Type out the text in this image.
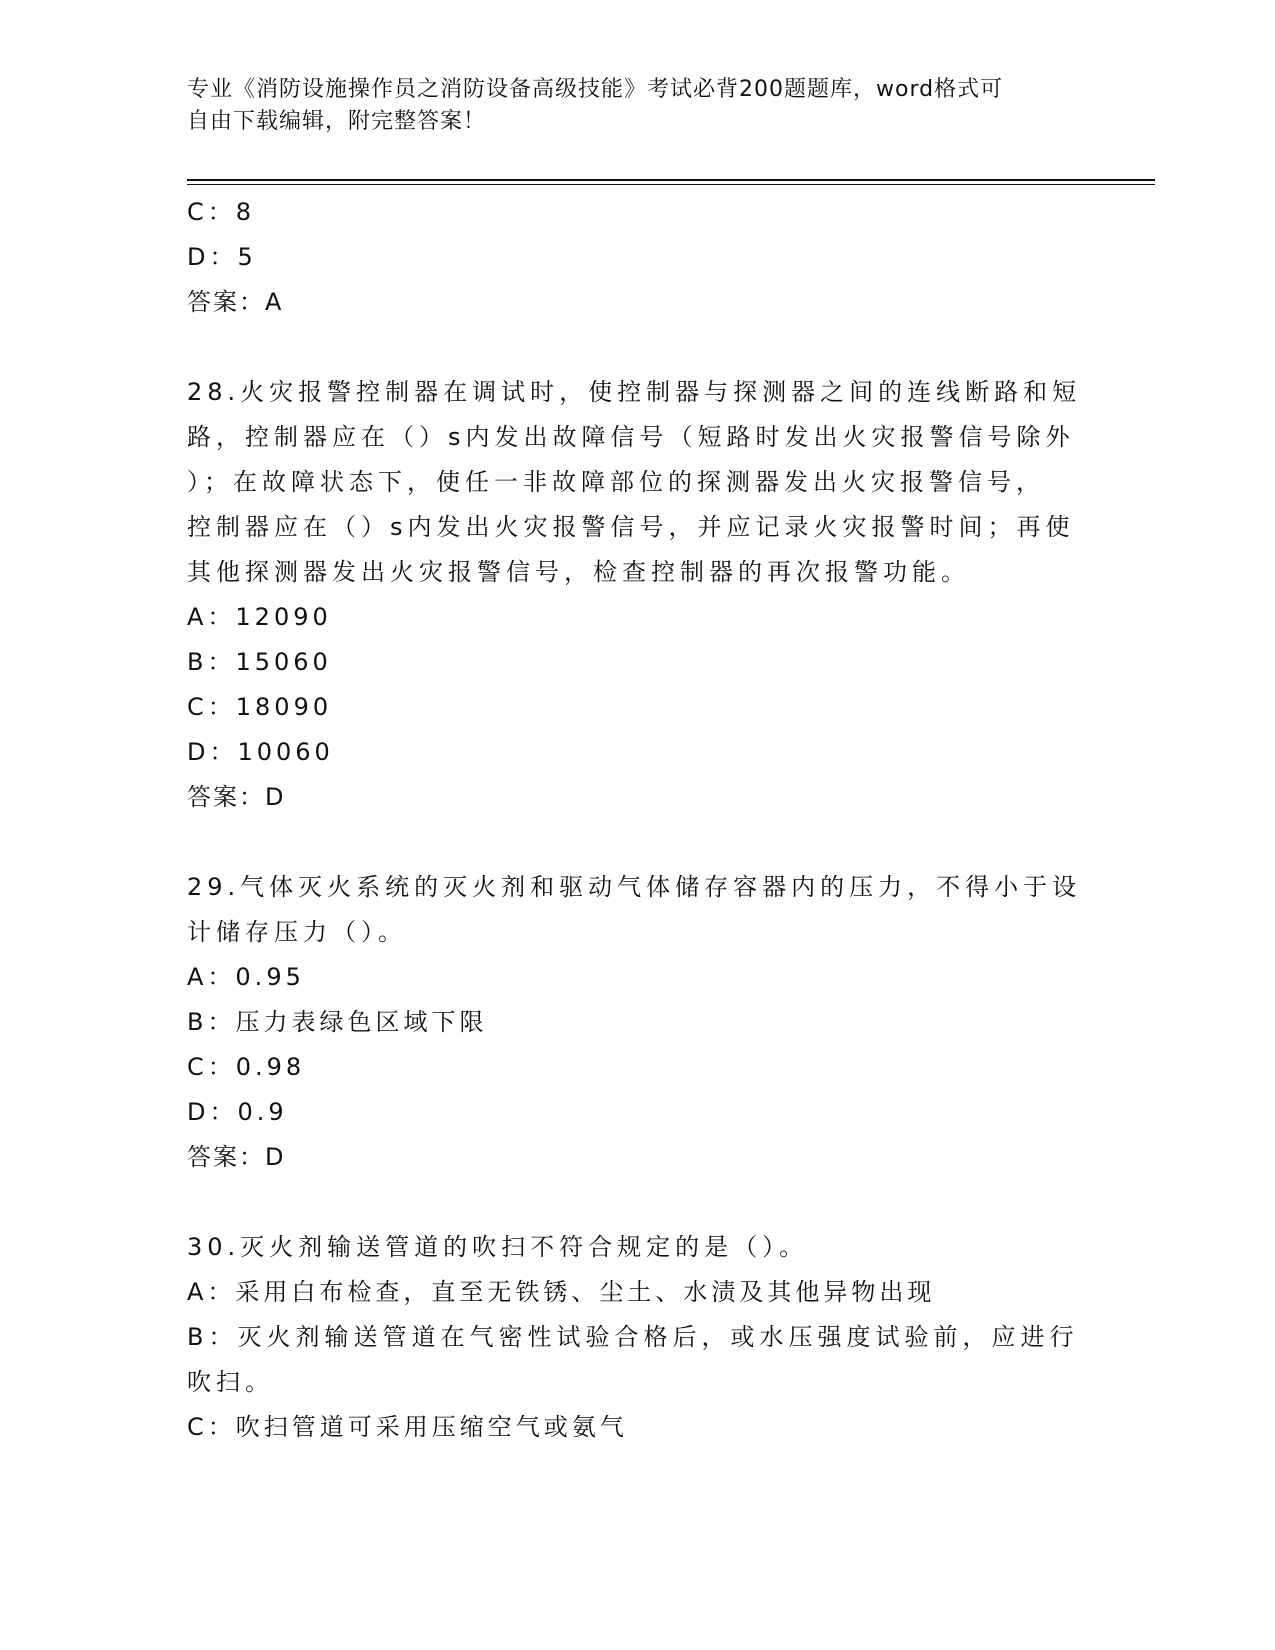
专业《消防设施操作员之消防设备高级技能》考试必背200题题库，word格式可
自由下载编辑，附完整答案！
C：8
D：5
答案：A
28.火灾报警控制器在调试时，使控制器与探测器之间的连线断路和短
路，控制器应在（）s内发出故障信号（短路时发出火灾报警信号除外
）；在故障状态下，使任一非故障部位的探测器发出火灾报警信号，
控制器应在（）s内发出火灾报警信号，并应记录火灾报警时间；再使
其他探测器发出火灾报警信号，检查控制器的再次报警功能。
A：12090
B：15060
C：18090
D：10060
答案：D
29.气体灭火系统的灭火剂和驱动气体储存容器内的压力，不得小于设
计储存压力（）。
A：0.95
B：压力表绿色区域下限
C：0.98
D：0.9
答案：D
30.灭火剂输送管道的吹扫不符合规定的是（）。
A：采用白布检查，直至无铁锈、尘土、水渍及其他异物出现
B：灭火剂输送管道在气密性试验合格后，或水压强度试验前，应进行
吹扫。
C：吹扫管道可采用压缩空气或氨气
